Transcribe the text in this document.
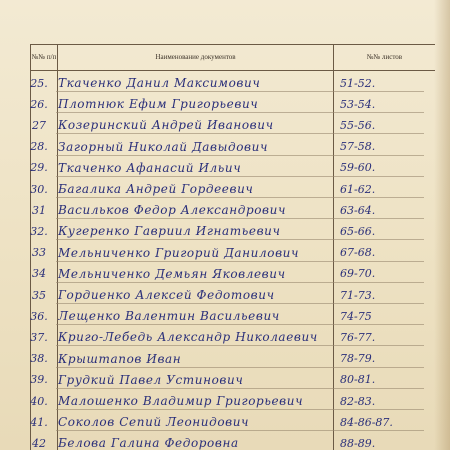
№№ п/п	Наименование документов	№№ листов
25. Ткаченко Данил Максимович	51-52.
26. Плотнюк Ефим Григорьевич	53-54.
27	Козеринский Андрей Иванович	55-56.
28. Загорный Николай Давыдович	57-58.
29. Ткаченко Афанасий Ильич	59-60.
30. Багалика Андрей Гордеевич	61-62.
31	Васильков Федор Александрович	63-64.
32. Кугеренко Гавриил Игнатьевич	65-66.
33	Мельниченко Григорий Данилович	67-68.
34	Мельниченко Демьян Яковлевич	69-70.
35	Гордиенко Алексей Федотович	71-73.
36. Лещенко Валентин Васильевич	74-75
37. Криго-Лебедь Александр Николаевич	76-77.
38. Крыштапов Иван	78-79.
39. Грудкий Павел Устинович	80-81.
40. Малошенко Владимир Григорьевич	82-83.
41. Соколов Сепий Леонидович	84-86-87.
42	Белова Галина Федоровна	88-89.
